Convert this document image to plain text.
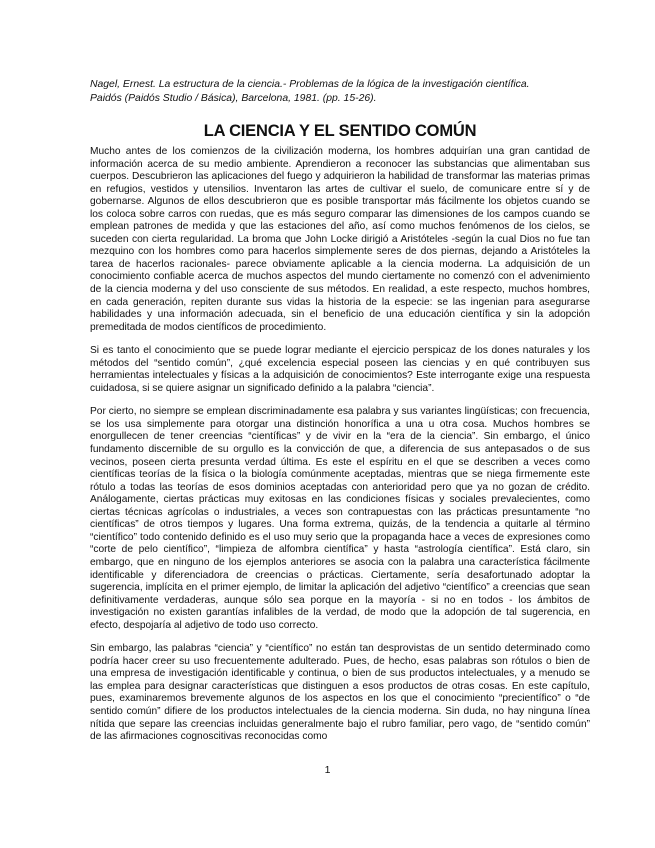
Nagel, Ernest. La estructura de la ciencia.- Problemas de la lógica de la investigación científica.
Paidós (Paidós Studio / Básica), Barcelona, 1981. (pp. 15-26).
LA CIENCIA Y EL SENTIDO COMÚN

Mucho antes de los comienzos de la civilización moderna, los hombres adquirían una gran cantidad de información acerca de su medio ambiente. Aprendieron a reconocer las substancias que alimentaban sus cuerpos. Descubrieron las aplicaciones del fuego y adquirieron la habilidad de transformar las materias primas en refugios, vestidos y utensilios. Inventaron las artes de cultivar el suelo, de comunicare entre sí y de gobernarse. Algunos de ellos descubrieron que es posible transportar más fácilmente los objetos cuando se los coloca sobre carros con ruedas, que es más seguro comparar las dimensiones de los campos cuando se emplean patrones de medida y que las estaciones del año, así como muchos fenómenos de los cielos, se suceden con cierta regularidad. La broma que John Locke dirigió a Aristóteles -según la cual Dios no fue tan mezquino con los hombres como para hacerlos simplemente seres de dos piernas, dejando a Aristóteles la tarea de hacerlos racionales- parece obviamente aplicable a la ciencia moderna. La adquisición de un conocimiento confiable acerca de muchos aspectos del mundo ciertamente no comenzó con el advenimiento de la ciencia moderna y del uso consciente de sus métodos. En realidad, a este respecto, muchos hombres, en cada generación, repiten durante sus vidas la historia de la especie: se las ingenian para asegurarse habilidades y una información adecuada, sin el beneficio de una educación científica y sin la adopción premeditada de modos científicos de procedimiento.

Si es tanto el conocimiento que se puede lograr mediante el ejercicio perspicaz de los dones naturales y los métodos del “sentido común”, ¿qué excelencia especial poseen las ciencias y en qué contribuyen sus herramientas intelectuales y físicas a la adquisición de conocimientos? Este interrogante exige una respuesta cuidadosa, si se quiere asignar un significado definido a la palabra “ciencia”.

Por cierto, no siempre se emplean discriminadamente esa palabra y sus variantes lingüísticas; con frecuencia, se los usa simplemente para otorgar una distinción honorífica a una u otra cosa. Muchos hombres se enorgullecen de tener creencias “científicas” y de vivir en la “era de la ciencia”. Sin embargo, el único fundamento discernible de su orgullo es la convicción de que, a diferencia de sus antepasados o de sus vecinos, poseen cierta presunta verdad última. Es este el espíritu en el que se describen a veces como científicas teorías de la física o la biología comúnmente aceptadas, mientras que se niega firmemente este rótulo a todas las teorías de esos dominios aceptadas con anterioridad pero que ya no gozan de crédito. Análogamente, ciertas prácticas muy exitosas en las condiciones físicas y sociales prevalecientes, como ciertas técnicas agrícolas o industriales, a veces son contrapuestas con las prácticas presuntamente “no científicas” de otros tiempos y lugares. Una forma extrema, quizás, de la tendencia a quitarle al término “científico” todo contenido definido es el uso muy serio que la propaganda hace a veces de expresiones como “corte de pelo científico”, “limpieza de alfombra científica” y hasta “astrología científica”. Está claro, sin embargo, que en ninguno de los ejemplos anteriores se asocia con la palabra una característica fácilmente identificable y diferenciadora de creencias o prácticas. Ciertamente, sería desafortunado adoptar la sugerencia, implícita en el primer ejemplo, de limitar la aplicación del adjetivo “científico” a creencias que sean definitivamente verdaderas, aunque sólo sea porque en la mayoría - si no en todos - los ámbitos de investigación no existen garantías infalibles de la verdad, de modo que la adopción de tal sugerencia, en efecto, despojaría al adjetivo de todo uso correcto.

Sin embargo, las palabras “ciencia” y “científico” no están tan desprovistas de un sentido determinado como podría hacer creer su uso frecuentemente adulterado. Pues, de hecho, esas palabras son rótulos o bien de una empresa de investigación identificable y continua, o bien de sus productos intelectuales, y a menudo se las emplea para designar características que distinguen a esos productos de otras cosas. En este capítulo, pues, examinaremos brevemente algunos de los aspectos en los que el conocimiento “precientífico” o “de sentido común” difiere de los productos intelectuales de la ciencia moderna. Sin duda, no hay ninguna línea nítida que separe las creencias incluidas generalmente bajo el rubro familiar, pero vago, de “sentido común” de las afirmaciones cognoscitivas reconocidas como

1
